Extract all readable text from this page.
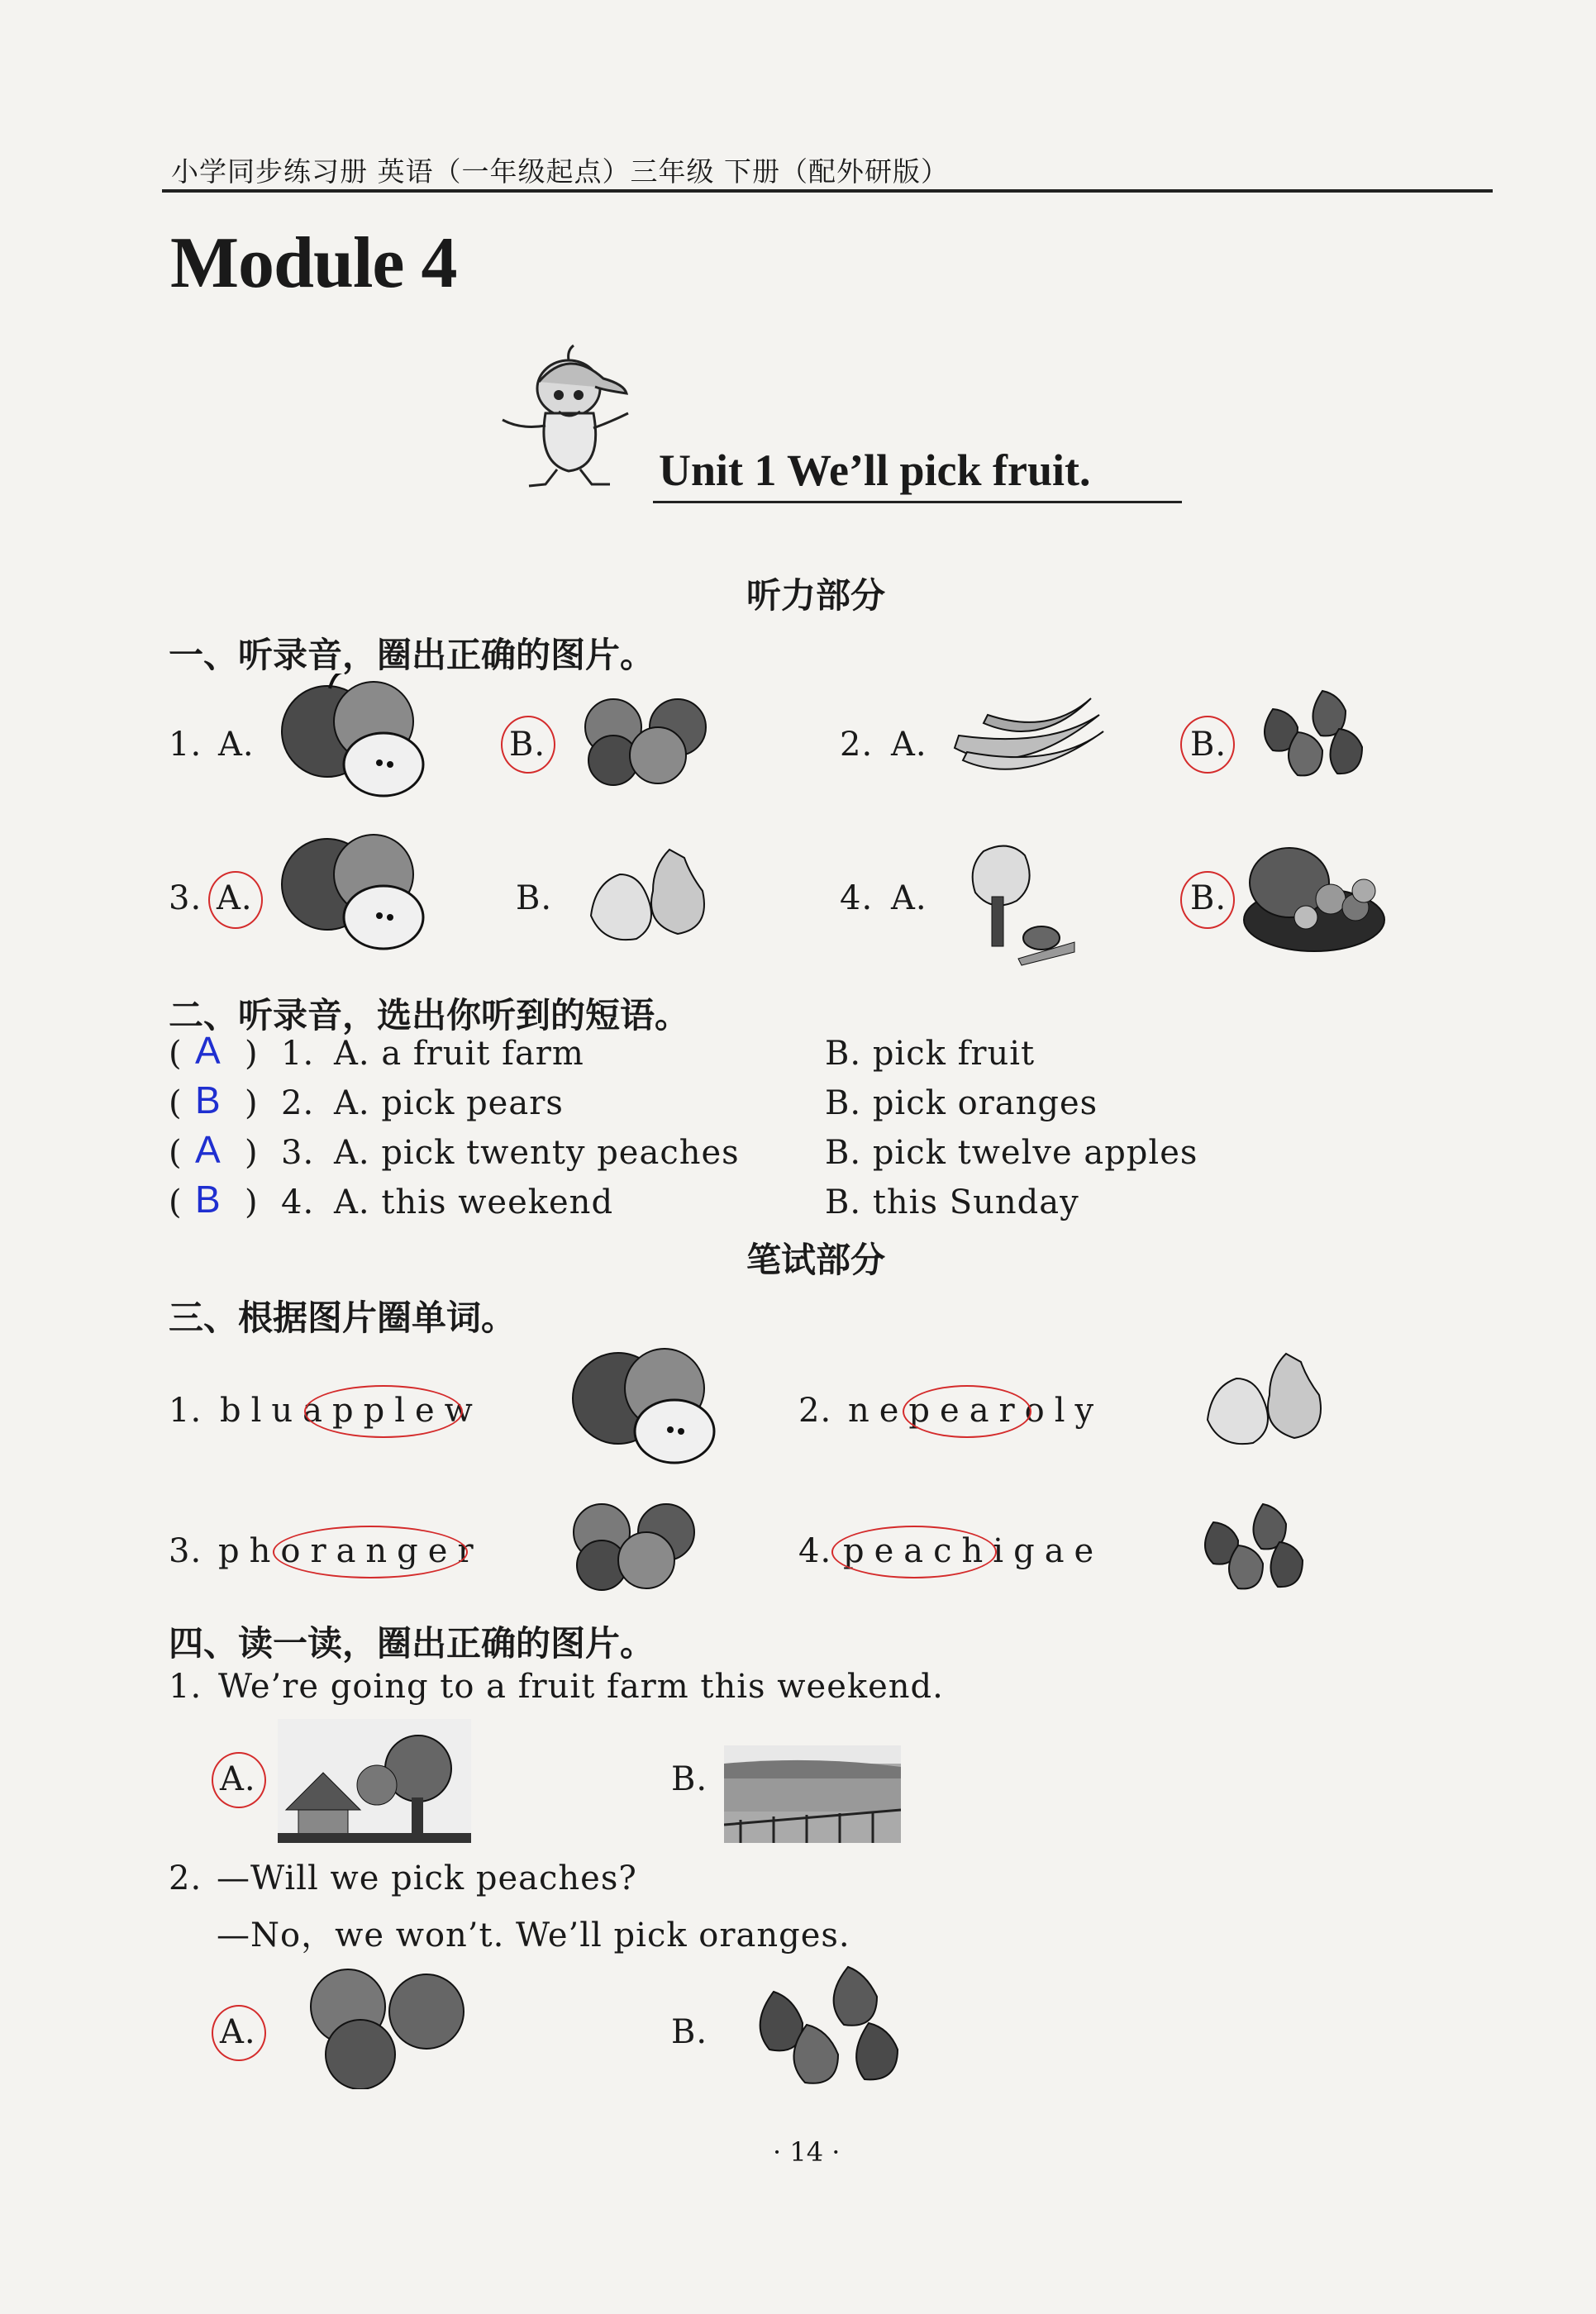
小学同步练习册 英语（一年级起点）三年级 下册（配外研版）
Module 4
Unit 1 We’ll pick fruit.
听力部分
一、听录音，圈出正确的图片。
1. A.	B.	2. A.	B.
3. A.	B.	4. A.	B.
二、听录音，选出你听到的短语。
( A ) 1. A. a fruit farm	B. pick fruit
( B ) 2. A. pick pears	B. pick oranges
( A ) 3. A. pick twenty peaches	B. pick twelve apples
( B ) 4. A. this weekend	B. this Sunday
笔试部分
三、根据图片圈单词。
1. bluapplew	2. nepearoly
3. phoranger	4. peachigae
四、读一读，圈出正确的图片。
1. We’re going to a fruit farm this weekend.
A.	B.
2. —Will we pick peaches?
—No，we won’t. We’ll pick oranges.
A.	B.
· 14 ·
